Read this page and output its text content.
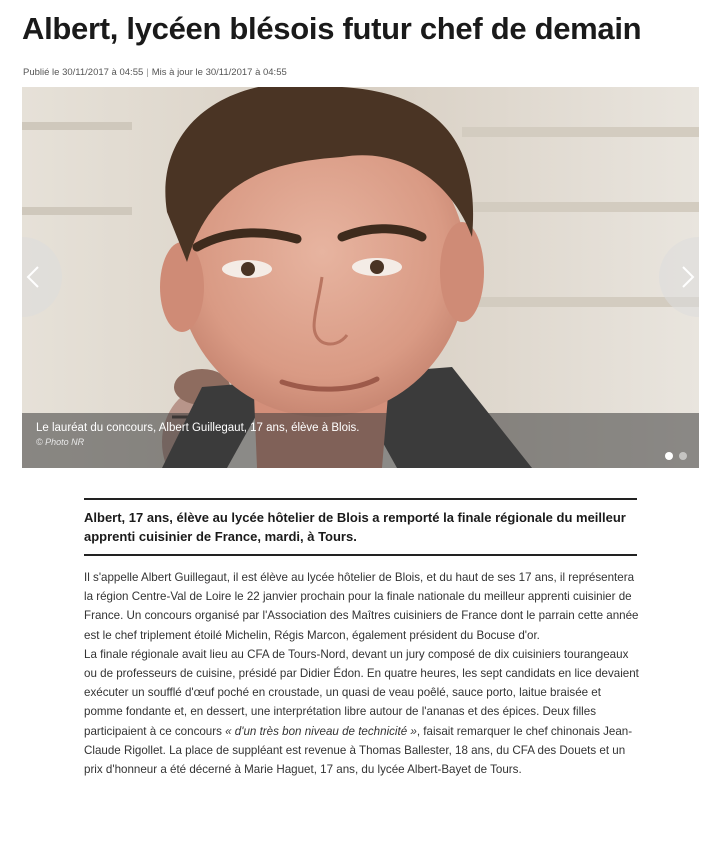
Albert, lycéen blésois futur chef de demain
Publié le 30/11/2017 à 04:55 | Mis à jour le 30/11/2017 à 04:55
Le lauréat du concours, Albert Guillegaut, 17 ans, élève à Blois.
© Photo NR
Albert, 17 ans, élève au lycée hôtelier de Blois a remporté la finale régionale du meilleur apprenti cuisinier de France, mardi, à Tours.

Il s'appelle Albert Guillegaut, il est élève au lycée hôtelier de Blois, et du haut de ses 17 ans, il représentera la région Centre-Val de Loire le 22 janvier prochain pour la finale nationale du meilleur apprenti cuisinier de France. Un concours organisé par l'Association des Maîtres cuisiniers de France dont le parrain cette année est le chef triplement étoilé Michelin, Régis Marcon, également président du Bocuse d'or.

La finale régionale avait lieu au CFA de Tours-Nord, devant un jury composé de dix cuisiniers tourangeaux ou de professeurs de cuisine, présidé par Didier Édon. En quatre heures, les sept candidats en lice devaient exécuter un soufflé d'œuf poché en croustade, un quasi de veau poêlé, sauce porto, laitue braisée et pomme fondante et, en dessert, une interprétation libre autour de l'ananas et des épices. Deux filles participaient à ce concours « d'un très bon niveau de technicité », faisait remarquer le chef chinonais Jean-Claude Rigollet. La place de suppléant est revenue à Thomas Ballester, 18 ans, du CFA des Douets et un prix d'honneur a été décerné à Marie Haguet, 17 ans, du lycée Albert-Bayet de Tours.
